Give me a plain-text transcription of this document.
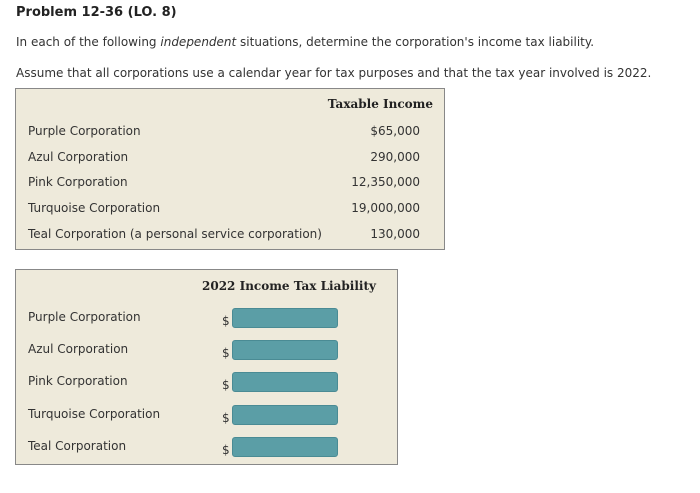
Problem 12-36 (LO. 8)
In each of the following independent situations, determine the corporation's income tax liability.
Assume that all corporations use a calendar year for tax purposes and that the tax year involved is 2022.
Taxable Income
Purple Corporation	$65,000
Azul Corporation	290,000
Pink Corporation	12,350,000
Turquoise Corporation	19,000,000
Teal Corporation (a personal service corporation)	130,000
2022 Income Tax Liability
Purple Corporation	$
Azul Corporation	$
Pink Corporation	$
Turquoise Corporation	$
Teal Corporation	$
